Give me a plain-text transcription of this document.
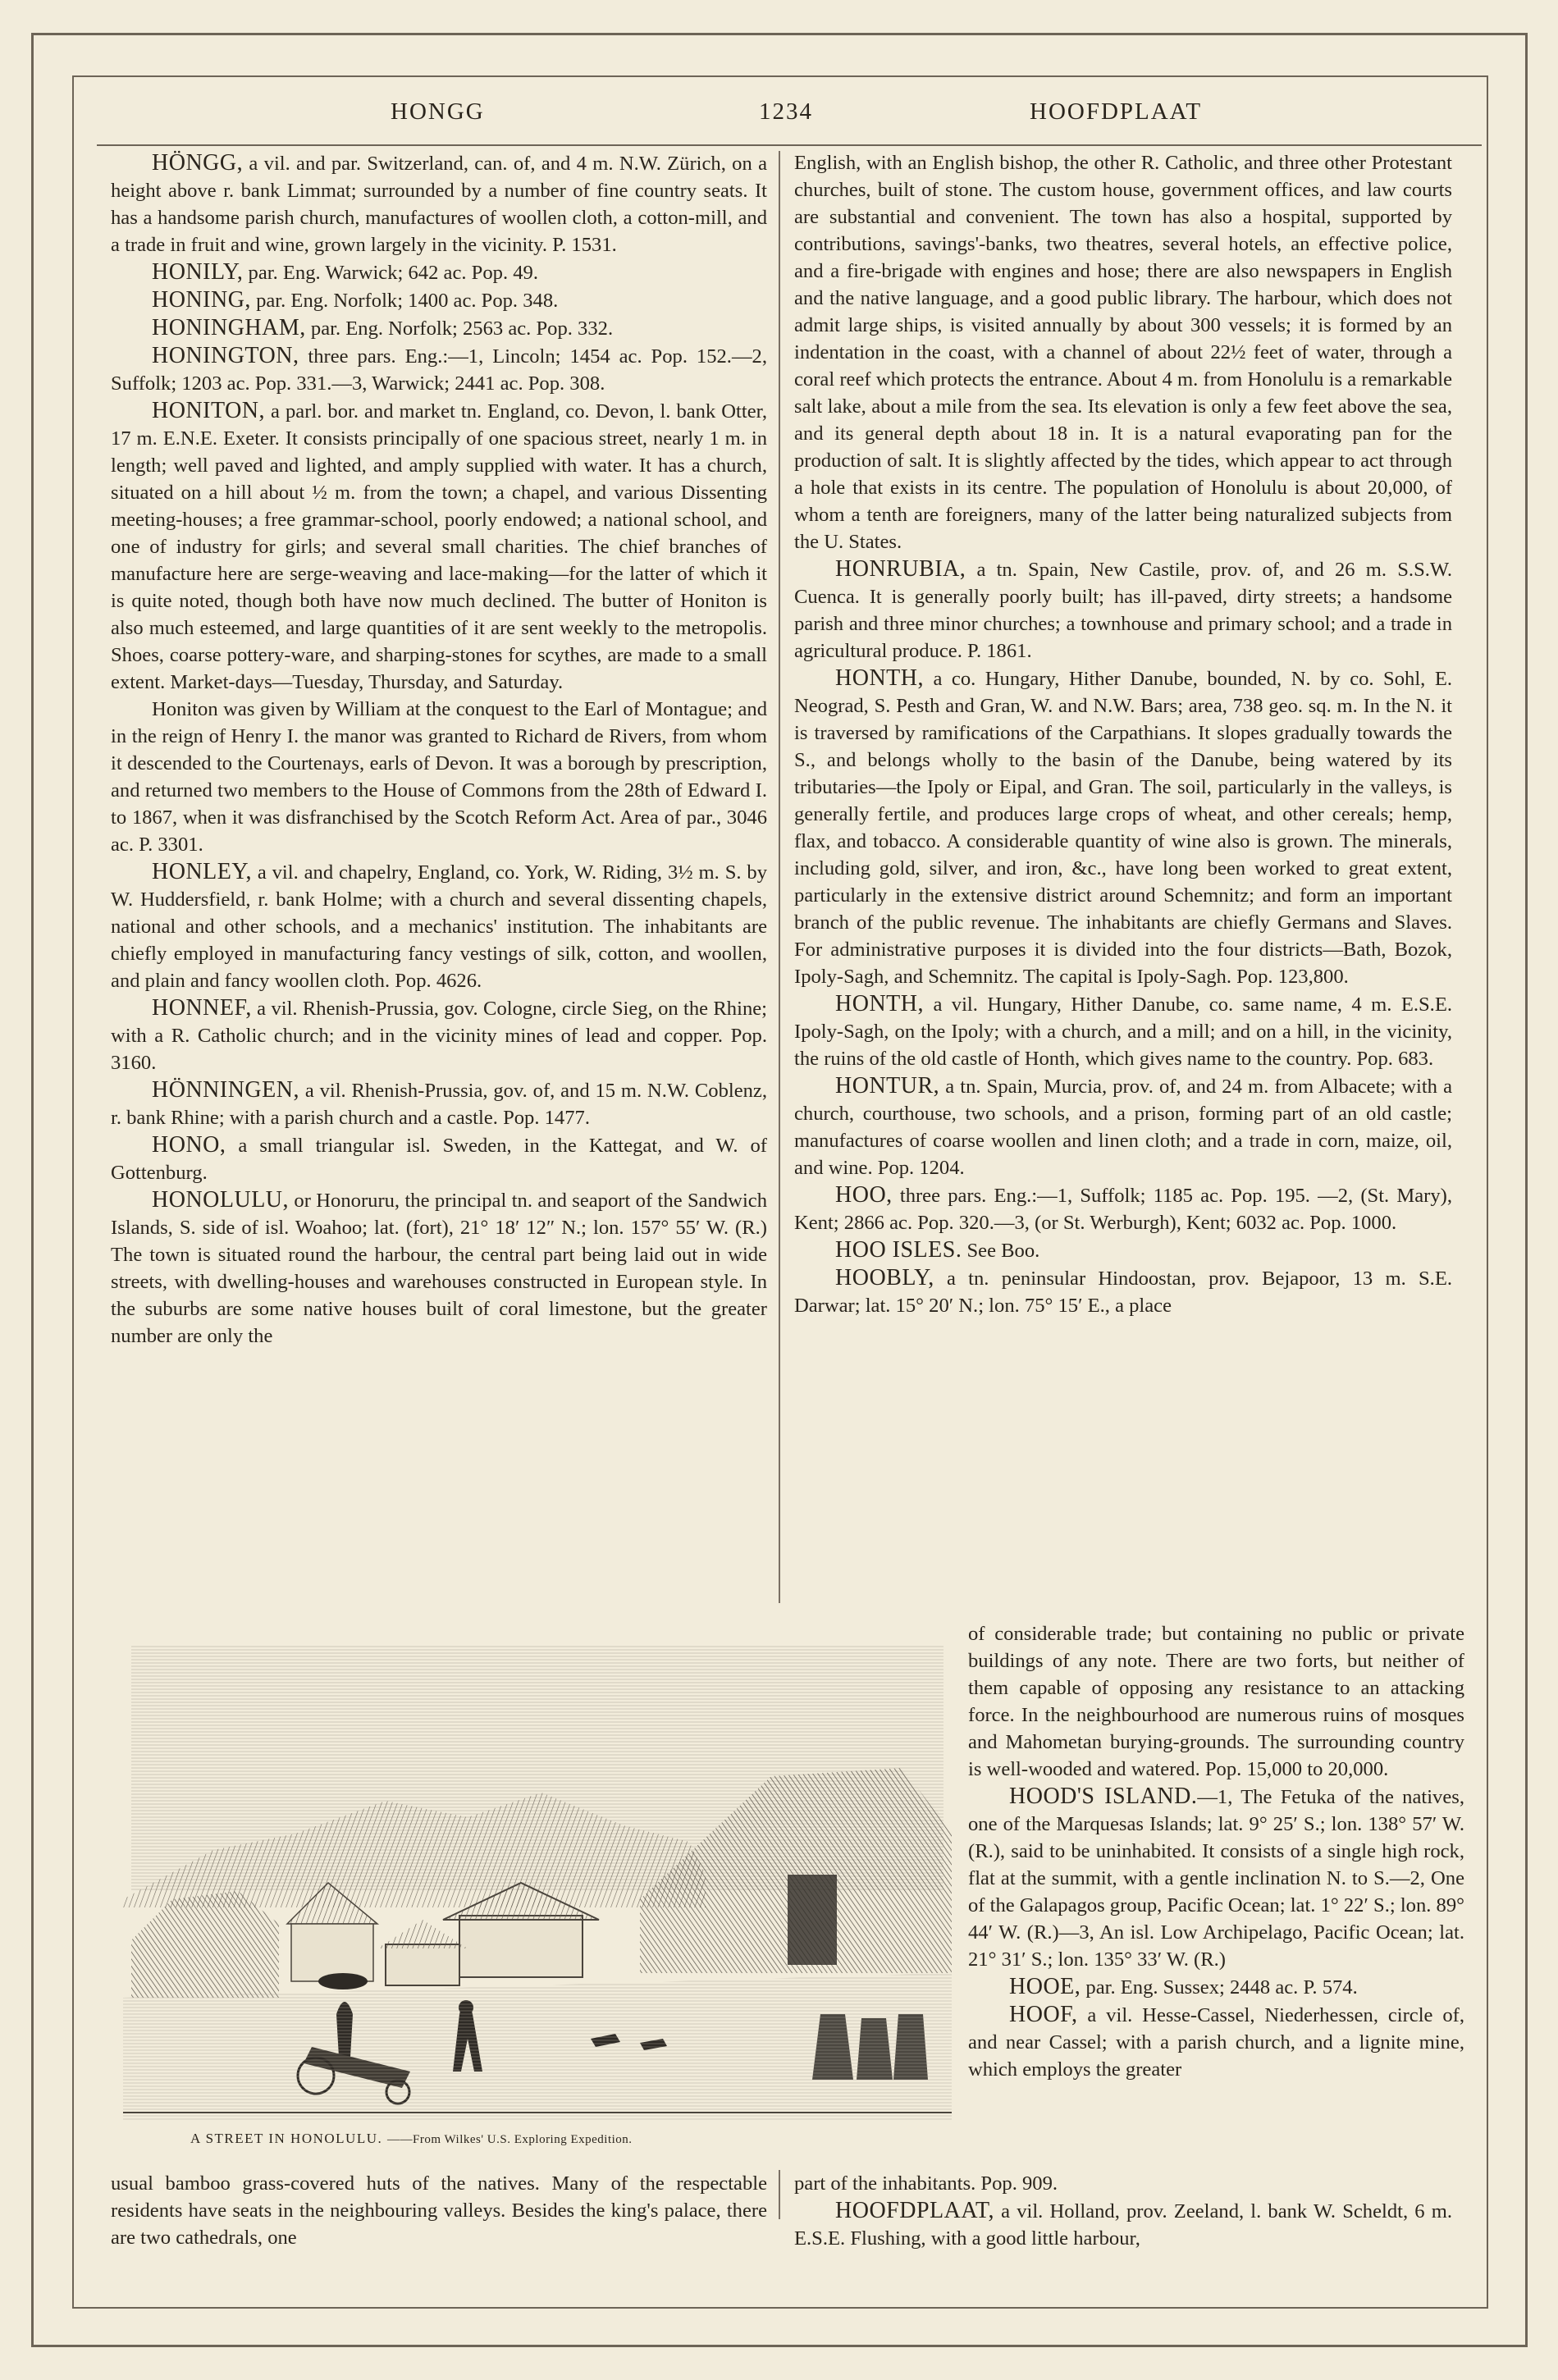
HONGG	1234	HOOFDPLAAT

HÖNGG, a vil. and par. Switzerland, can. of, and 4 m. N.W. Zürich, on a height above r. bank Limmat; surrounded by a number of fine country seats. It has a handsome parish church, manufactures of woollen cloth, a cotton-mill, and a trade in fruit and wine, grown largely in the vicinity. P. 1531.

HONILY, par. Eng. Warwick; 642 ac. Pop. 49.

HONING, par. Eng. Norfolk; 1400 ac. Pop. 348.

HONINGHAM, par. Eng. Norfolk; 2563 ac. Pop. 332.

HONINGTON, three pars. Eng.:—1, Lincoln; 1454 ac. Pop. 152.—2, Suffolk; 1203 ac. Pop. 331.—3, Warwick; 2441 ac. Pop. 308.

HONITON, a parl. bor. and market tn. England, co. Devon, l. bank Otter, 17 m. E.N.E. Exeter. It consists principally of one spacious street, nearly 1 m. in length; well paved and lighted, and amply supplied with water. It has a church, situated on a hill about ½ m. from the town; a chapel, and various Dissenting meeting-houses; a free grammar-school, poorly endowed; a national school, and one of industry for girls; and several small charities. The chief branches of manufacture here are serge-weaving and lace-making—for the latter of which it is quite noted, though both have now much declined. The butter of Honiton is also much esteemed, and large quantities of it are sent weekly to the metropolis. Shoes, coarse pottery-ware, and sharping-stones for scythes, are made to a small extent. Market-days—Tuesday, Thursday, and Saturday.

Honiton was given by William at the conquest to the Earl of Montague; and in the reign of Henry I. the manor was granted to Richard de Rivers, from whom it descended to the Courtenays, earls of Devon. It was a borough by prescription, and returned two members to the House of Commons from the 28th of Edward I. to 1867, when it was disfranchised by the Scotch Reform Act. Area of par., 3046 ac. P. 3301.

HONLEY, a vil. and chapelry, England, co. York, W. Riding, 3½ m. S. by W. Huddersfield, r. bank Holme; with a church and several dissenting chapels, national and other schools, and a mechanics' institution. The inhabitants are chiefly employed in manufacturing fancy vestings of silk, cotton, and woollen, and plain and fancy woollen cloth. Pop. 4626.

HONNEF, a vil. Rhenish-Prussia, gov. Cologne, circle Sieg, on the Rhine; with a R. Catholic church; and in the vicinity mines of lead and copper. Pop. 3160.

HÖNNINGEN, a vil. Rhenish-Prussia, gov. of, and 15 m. N.W. Coblenz, r. bank Rhine; with a parish church and a castle. Pop. 1477.

HONO, a small triangular isl. Sweden, in the Kattegat, and W. of Gottenburg.

HONOLULU, or Honoruru, the principal tn. and seaport of the Sandwich Islands, S. side of isl. Woahoo; lat. (fort), 21° 18′ 12″ N.; lon. 157° 55′ W. (R.) The town is situated round the harbour, the central part being laid out in wide streets, with dwelling-houses and warehouses constructed in European style. In the suburbs are some native houses built of coral limestone, but the greater number are only the

English, with an English bishop, the other R. Catholic, and three other Protestant churches, built of stone. The custom house, government offices, and law courts are substantial and convenient. The town has also a hospital, supported by contributions, savings'-banks, two theatres, several hotels, an effective police, and a fire-brigade with engines and hose; there are also newspapers in English and the native language, and a good public library. The harbour, which does not admit large ships, is visited annually by about 300 vessels; it is formed by an indentation in the coast, with a channel of about 22½ feet of water, through a coral reef which protects the entrance. About 4 m. from Honolulu is a remarkable salt lake, about a mile from the sea. Its elevation is only a few feet above the sea, and its general depth about 18 in. It is a natural evaporating pan for the production of salt. It is slightly affected by the tides, which appear to act through a hole that exists in its centre. The population of Honolulu is about 20,000, of whom a tenth are foreigners, many of the latter being naturalized subjects from the U. States.

HONRUBIA, a tn. Spain, New Castile, prov. of, and 26 m. S.S.W. Cuenca. It is generally poorly built; has ill-paved, dirty streets; a handsome parish and three minor churches; a townhouse and primary school; and a trade in agricultural produce. P. 1861.

HONTH, a co. Hungary, Hither Danube, bounded, N. by co. Sohl, E. Neograd, S. Pesth and Gran, W. and N.W. Bars; area, 738 geo. sq. m. In the N. it is traversed by ramifications of the Carpathians. It slopes gradually towards the S., and belongs wholly to the basin of the Danube, being watered by its tributaries—the Ipoly or Eipal, and Gran. The soil, particularly in the valleys, is generally fertile, and produces large crops of wheat, and other cereals; hemp, flax, and tobacco. A considerable quantity of wine also is grown. The minerals, including gold, silver, and iron, &c., have long been worked to great extent, particularly in the extensive district around Schemnitz; and form an important branch of the public revenue. The inhabitants are chiefly Germans and Slaves. For administrative purposes it is divided into the four districts—Bath, Bozok, Ipoly-Sagh, and Schemnitz. The capital is Ipoly-Sagh. Pop. 123,800.

HONTH, a vil. Hungary, Hither Danube, co. same name, 4 m. E.S.E. Ipoly-Sagh, on the Ipoly; with a church, and a mill; and on a hill, in the vicinity, the ruins of the old castle of Honth, which gives name to the country. Pop. 683.

HONTUR, a tn. Spain, Murcia, prov. of, and 24 m. from Albacete; with a church, courthouse, two schools, and a prison, forming part of an old castle; manufactures of coarse woollen and linen cloth; and a trade in corn, maize, oil, and wine. Pop. 1204.

HOO, three pars. Eng.:—1, Suffolk; 1185 ac. Pop. 195. —2, (St. Mary), Kent; 2866 ac. Pop. 320.—3, (or St. Werburgh), Kent; 6032 ac. Pop. 1000.

HOO ISLES. See Boo.

HOOBLY, a tn. peninsular Hindoostan, prov. Bejapoor, 13 m. S.E. Darwar; lat. 15° 20′ N.; lon. 75° 15′ E., a place

of considerable trade; but containing no public or private buildings of any note. There are two forts, but neither of them capable of opposing any resistance to an attacking force. In the neighbourhood are numerous ruins of mosques and Mahometan burying-grounds. The surrounding country is well-wooded and watered. Pop. 15,000 to 20,000.

HOOD'S ISLAND.—1, The Fetuka of the natives, one of the Marquesas Islands; lat. 9° 25′ S.; lon. 138° 57′ W. (R.), said to be uninhabited. It consists of a single high rock, flat at the summit, with a gentle inclination N. to S.—2, One of the Galapagos group, Pacific Ocean; lat. 1° 22′ S.; lon. 89° 44′ W. (R.)—3, An isl. Low Archipelago, Pacific Ocean; lat. 21° 31′ S.; lon. 135° 33′ W. (R.)

HOOE, par. Eng. Sussex; 2448 ac. P. 574.

HOOF, a vil. Hesse-Cassel, Niederhessen, circle of, and near Cassel; with a parish church, and a lignite mine, which employs the greater

A STREET IN HONOLULU. ——From Wilkes' U.S. Exploring Expedition.

usual bamboo grass-covered huts of the natives. Many of the respectable residents have seats in the neighbouring valleys. Besides the king's palace, there are two cathedrals, one

part of the inhabitants. Pop. 909.

HOOFDPLAAT, a vil. Holland, prov. Zeeland, l. bank W. Scheldt, 6 m. E.S.E. Flushing, with a good little harbour,
